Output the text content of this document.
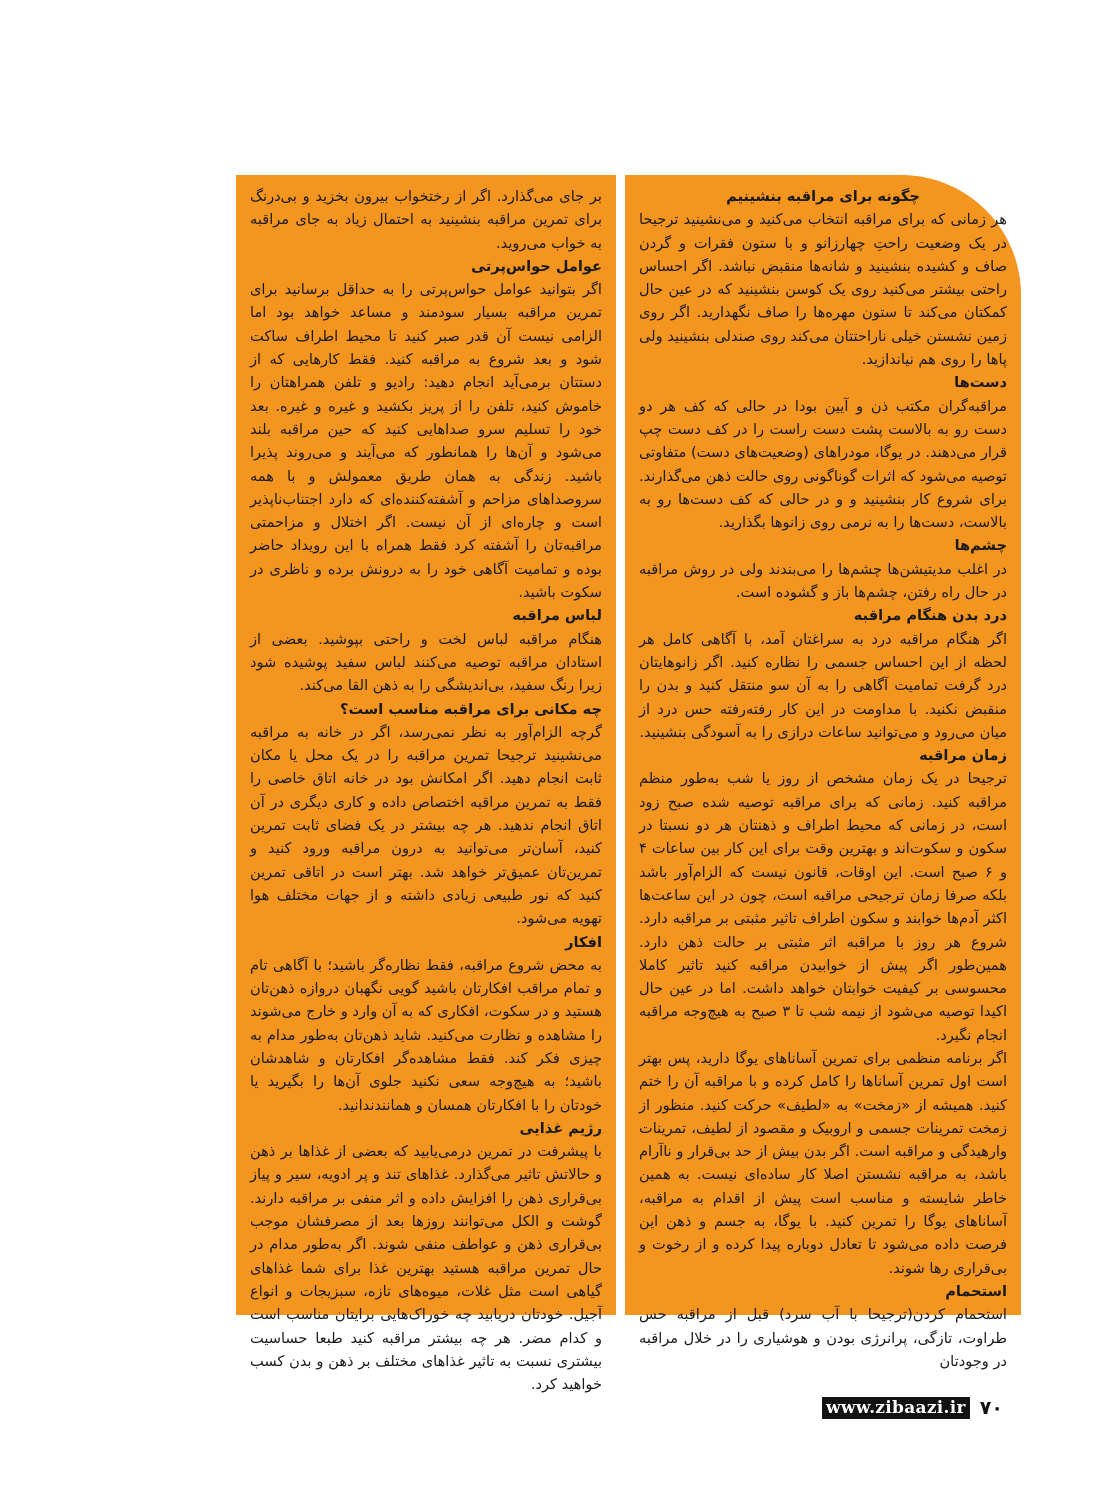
چگونه برای مراقبه بنشینیم

هر زمانی که برای مراقبه انتخاب می‌کنید و می‌نشینید ترجیحا در یک وضعیت راحتِ چهارزانو و با ستون فقرات و گردن صاف و کشیده بنشینید و شانه‌ها منقبض نباشد. اگر احساس راحتی بیشتر می‌کنید روی یک کوسن بنشینید که در عین حال کمکتان می‌کند تا ستون مهره‌ها را صاف نگهدارید. اگر روی زمین نشستن خیلی ناراحتتان می‌کند روی صندلی بنشینید ولی پاها را روی هم نیاندازید.

دست‌ها

مراقبه‌گران مکتب ذن و آیین بودا در حالی که کف هر دو دست رو به بالاست پشت دست راست را در کف دست چپ قرار می‌دهند. در یوگا، مودراهای (وضعیت‌های دست) متفاوتی توصیه می‌شود که اثرات گوناگونی روی حالت ذهن می‌گذارند. برای شروع کار بنشینید و و در حالی که کف دست‌ها رو به بالاست، دست‌ها را به نرمی روی زانوها بگذارید.

چشم‌ها

در اغلب مدیتیشن‌ها چشم‌ها را می‌بندند ولی در روش مراقبه در حال راه رفتن، چشم‌ها باز و گشوده است.

درد بدن هنگام مراقبه

اگر هنگام مراقبه درد به سراغتان آمد، با آگاهی کامل هر لحظه از این احساس جسمی را نظاره کنید. اگر زانوهایتان درد گرفت تمامیت آگاهی را به آن سو منتقل کنید و بدن را منقبض نکنید. با مداومت در این کار رفته‌رفته حس درد از میان می‌رود و می‌توانید ساعات درازی را به آسودگی بنشینید.

زمان مراقبه

ترجیحا در یک زمان مشخص از روز یا شب به‌طور منظم مراقبه کنید. زمانی که برای مراقبه توصیه شده صبح زود است، در زمانی که محیط اطراف و ذهنتان هر دو نسبتا در سکون و سکوت‌اند و بهترین وقت برای این کار بین ساعات ۴ و ۶ صبح است. این اوقات، قانون نیست که الزام‌آور باشد بلکه صرفا زمان ترجیحی مراقبه است، چون در این ساعت‌ها اکثر آدم‌ها خوابند و سکون اطراف تاثیر مثبتی بر مراقبه دارد. شروع هر روز با مراقبه اثر مثبتی بر حالت ذهن دارد. همین‌طور اگر پیش از خوابیدن مراقبه کنید تاثیر کاملا محسوسی بر کیفیت خوابتان خواهد داشت. اما در عین حال اکیدا توصیه می‌شود از نیمه شب تا ۳ صبح به هیچ‌وجه مراقبه انجام نگیرد.

اگر برنامه منظمی برای تمرین آساناهای یوگا دارید، پس بهتر است اول تمرین آساناها را کامل کرده و با مراقبه آن را ختم کنید. همیشه از «زمخت» به «لطیف» حرکت کنید. منظور از زمخت تمرینات جسمی و اروبیک و مقصود از لطیف، تمرینات وارهیدگی و مراقبه است. اگر بدن بیش از حد بی‌قرار و ناآرام باشد، به مراقبه نشستن اصلا کار ساده‌ای نیست. به همین خاطر شایسته و مناسب است پیش از اقدام به مراقبه، آساناهای یوگا را تمرین کنید. با یوگا، به جسم و ذهن این فرصت داده می‌شود تا تعادل دوباره پیدا کرده و از رخوت و بی‌قراری رها شوند.

استحمام

استحمام کردن(ترجیحا با آب سرد) قبل از مراقبه حس طراوت، تازگی، پرانرژی بودن و هوشیاری را در خلال مراقبه در وجودتان

بر جای می‌گذارد. اگر از رختخواب بیرون بخزید و بی‌درنگ برای تمرین مراقبه بنشینید به احتمال زیاد به جای مراقبه به خواب می‌روید.

عوامل حواس‌پرتی

اگر بتوانید عوامل حواس‌پرتی را به حداقل برسانید برای تمرین مراقبه بسیار سودمند و مساعد خواهد بود اما الزامی نیست آن قدر صبر کنید تا محیط اطراف ساکت شود و بعد شروع به مراقبه کنید. فقط کارهایی که از دستتان برمی‌آید انجام دهید: رادیو و تلفن همراهتان را خاموش کنید، تلفن را از پریز بکشید و غیره و غیره. بعد خود را تسلیم سرو صداهایی کنید که حین مراقبه بلند می‌شود و آن‌ها را همانطور که می‌آیند و می‌روند پذیرا باشید. زندگی به همان طریق معمولش و با همه سروصداهای مزاحم و آشفته‌کننده‌ای که دارد اجتناب‌ناپذیر است و چاره‌ای از آن نیست. اگر اختلال و مزاحمتی مراقبه‌تان را آشفته کرد فقط همراه با این رویداد حاضر بوده و تمامیت آگاهی خود را به درونش برده و ناظری در سکوت باشید.

لباس مراقبه

هنگام مراقبه لباس لخت و راحتی بپوشید. بعضی از استادان مراقبه توصیه می‌کنند لباس سفید پوشیده شود زیرا رنگ سفید، بی‌اندیشگی را به ذهن القا می‌کند.

چه مکانی برای مراقبه مناسب است؟

گرچه الزام‌آور به نظر نمی‌رسد، اگر در خانه به مراقبه می‌نشینید ترجیحا تمرین مراقبه را در یک محل یا مکان ثابت انجام دهید. اگر امکانش بود در خانه اتاق خاصی را فقط به تمرین مراقبه اختصاص داده و کاری دیگری در آن اتاق انجام ندهید. هر چه بیشتر در یک فضای ثابت تمرین کنید، آسان‌تر می‌توانید به درون مراقبه ورود کنید و تمرین‌تان عمیق‌تر خواهد شد. بهتر است در اتاقی تمرین کنید که نور طبیعی زیادی داشته و از جهات مختلف هوا تهویه می‌شود.

افکار

به محض شروع مراقبه، فقط نظاره‌گر باشید؛ با آگاهی تام و تمام مراقب افکارتان باشید گویی نگهبان دروازه ذهن‌تان هستید و در سکوت، افکاری که به آن وارد و خارج می‌شوند را مشاهده و نظارت می‌کنید. شاید ذهن‌تان به‌طور مدام به چیزی فکر کند. فقط مشاهده‌گر افکارتان و شاهدشان باشید؛ به هیچ‌وجه سعی نکنید جلوی آن‌ها را بگیرید یا خودتان را با افکارتان همسان و همانندندانید.

رژیم غذایی

با پیشرفت در تمرین درمی‌یابید که بعضی از غذاها بر ذهن و حالاتش تاثیر می‌گذارد. غذاهای تند و پر ادویه، سیر و پیاز بی‌قراری ذهن را افزایش داده و اثر منفی بر مراقبه دارند. گوشت و الکل می‌توانند روزها بعد از مصرفشان موجب بی‌قراری ذهن و عواطف منفی شوند. اگر به‌طور مدام در حال تمرین مراقبه هستید بهترین غذا برای شما غذاهای گیاهی است مثل غلات، میوه‌های تازه، سبزیجات و انواع آجیل. خودتان دریابید چه خوراک‌هایی برایتان مناسب است و کدام مضر. هر چه بیشتر مراقبه کنید طبعا حساسیت بیشتری نسبت به تاثیر غذاهای مختلف بر ذهن و بدن کسب خواهید کرد.

www.zibaazi.ir ۷۰
